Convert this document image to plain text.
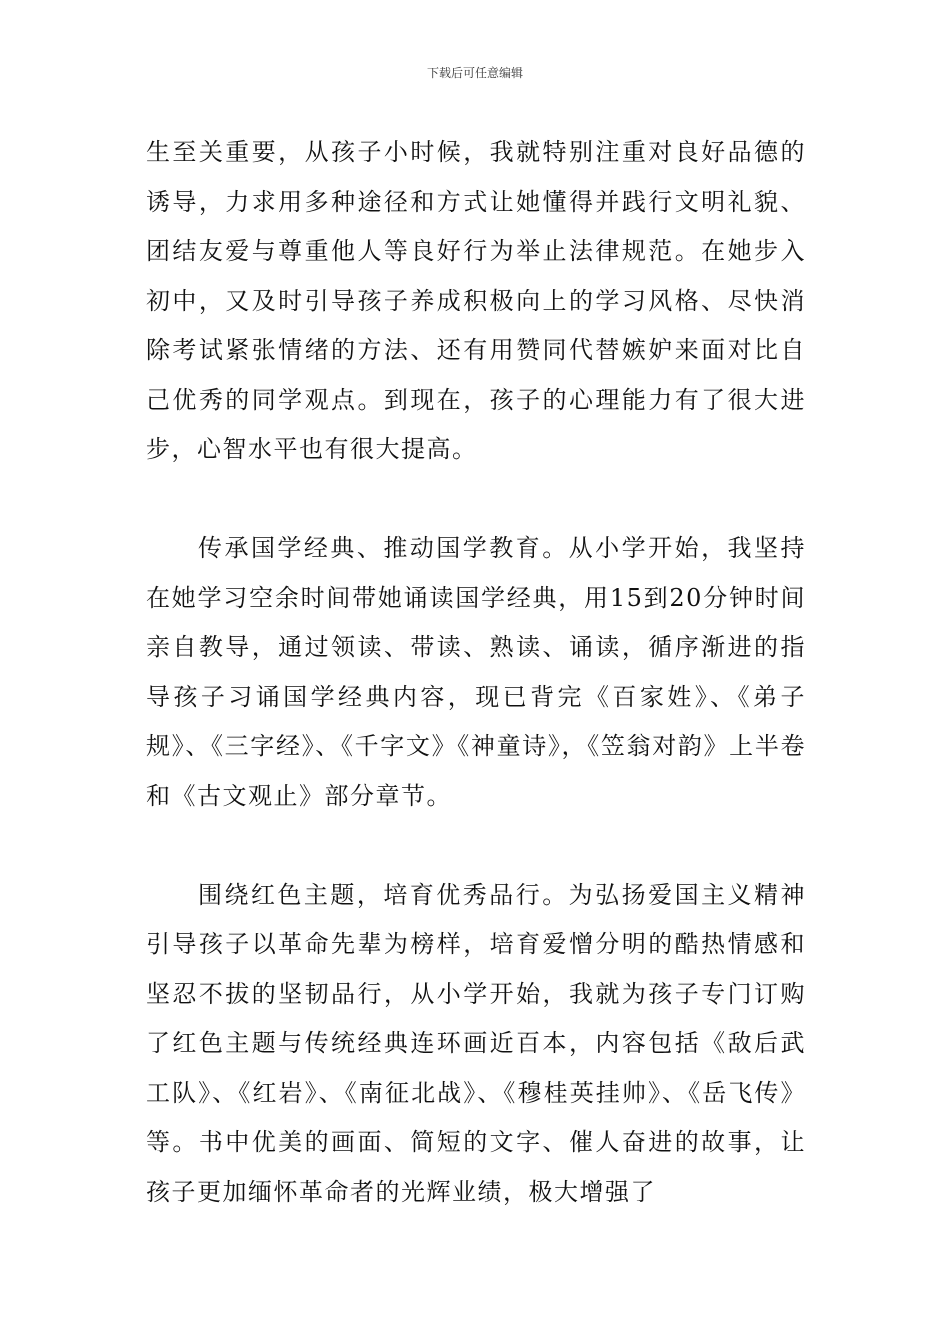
下载后可任意编辑

生至关重要，从孩子小时候，我就特别注重对良好品德的诱导，力求用多种途径和方式让她懂得并践行文明礼貌、团结友爱与尊重他人等良好行为举止法律规范。在她步入初中，又及时引导孩子养成积极向上的学习风格、尽快消除考试紧张情绪的方法、还有用赞同代替嫉妒来面对比自己优秀的同学观点。到现在，孩子的心理能力有了很大进步，心智水平也有很大提高。

传承国学经典、推动国学教育。从小学开始，我坚持在她学习空余时间带她诵读国学经典，用15到20分钟时间亲自教导，通过领读、带读、熟读、诵读，循序渐进的指导孩子习诵国学经典内容，现已背完《百家姓》、《弟子规》、《三字经》、《千字文》《神童诗》，《笠翁对韵》上半卷和《古文观止》部分章节。

围绕红色主题，培育优秀品行。为弘扬爱国主义精神引导孩子以革命先辈为榜样，培育爱憎分明的酷热情感和坚忍不拔的坚韧品行，从小学开始，我就为孩子专门订购了红色主题与传统经典连环画近百本，内容包括《敌后武工队》、《红岩》、《南征北战》、《穆桂英挂帅》、《岳飞传》等。书中优美的画面、简短的文字、催人奋进的故事，让孩子更加缅怀革命者的光辉业绩，极大增强了
